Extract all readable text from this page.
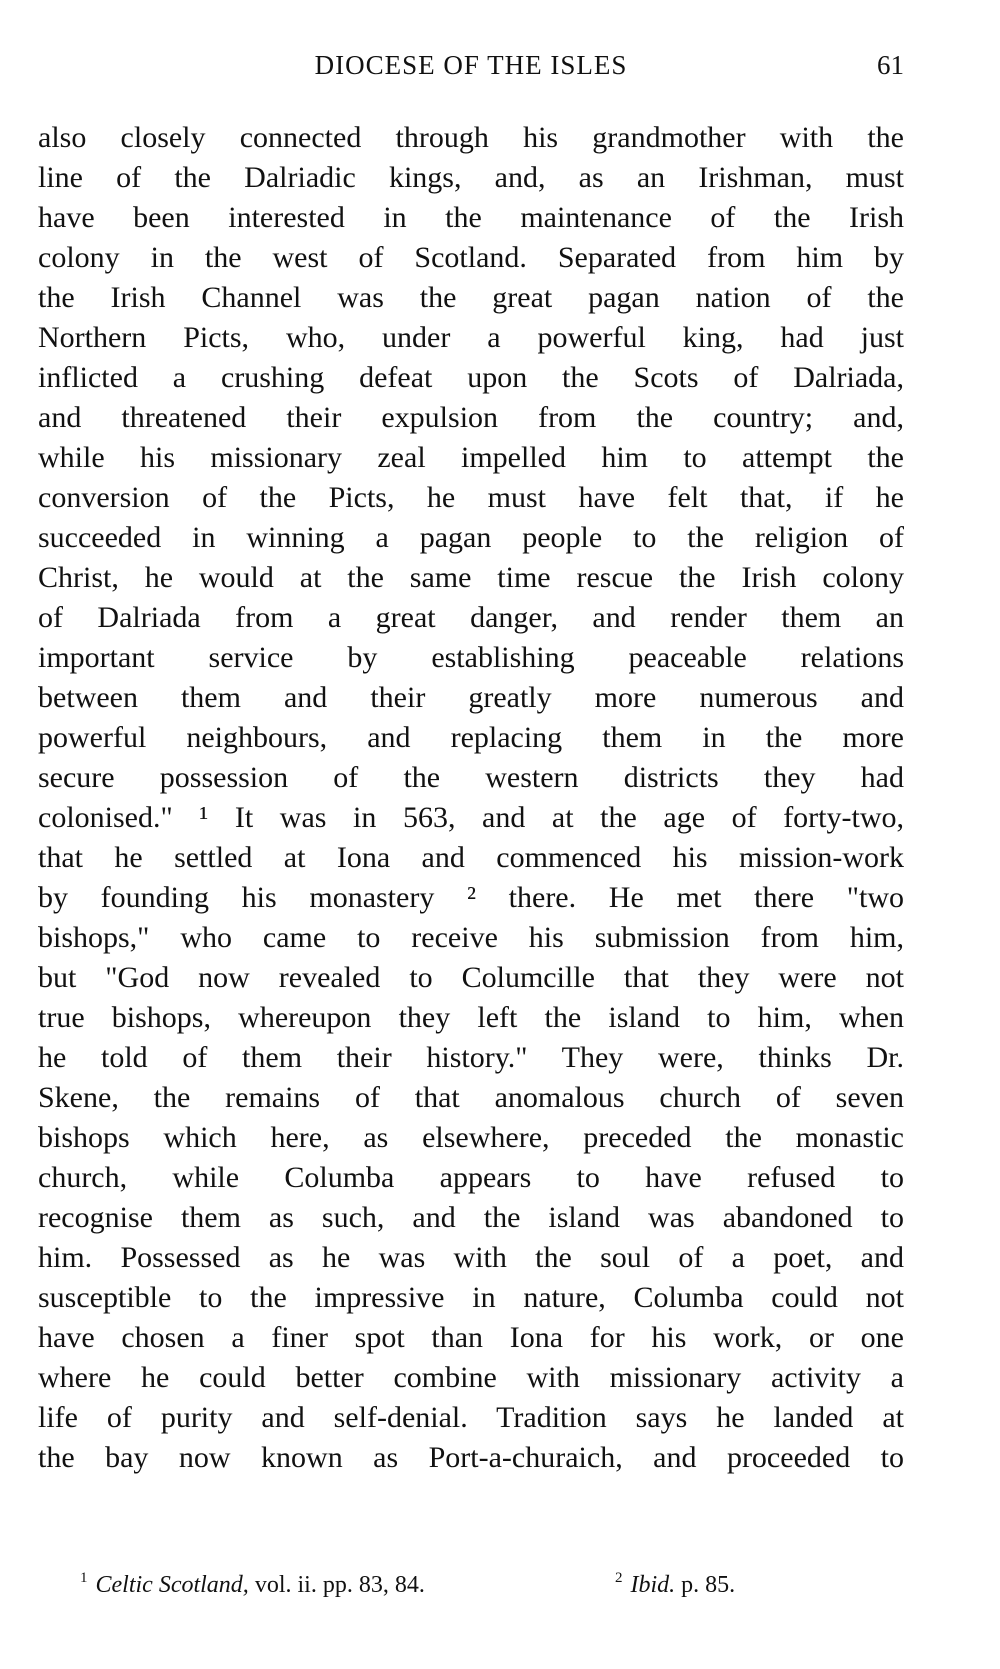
DIOCESE OF THE ISLES	61
also closely connected through his grandmother with the
line of the Dalriadic kings, and, as an Irishman, must
have been interested in the maintenance of the Irish
colony in the west of Scotland. Separated from him by
the Irish Channel was the great pagan nation of the
Northern Picts, who, under a powerful king, had just
inflicted a crushing defeat upon the Scots of Dalriada,
and threatened their expulsion from the country; and,
while his missionary zeal impelled him to attempt the
conversion of the Picts, he must have felt that, if he
succeeded in winning a pagan people to the religion of
Christ, he would at the same time rescue the Irish colony
of Dalriada from a great danger, and render them an
important service by establishing peaceable relations
between them and their greatly more numerous and
powerful neighbours, and replacing them in the more
secure possession of the western districts they had
colonised." ¹ It was in 563, and at the age of forty-two,
that he settled at Iona and commenced his mission-work
by founding his monastery ² there. He met there "two
bishops," who came to receive his submission from him,
but "God now revealed to Columcille that they were not
true bishops, whereupon they left the island to him, when
he told of them their history." They were, thinks Dr.
Skene, the remains of that anomalous church of seven
bishops which here, as elsewhere, preceded the monastic
church, while Columba appears to have refused to
recognise them as such, and the island was abandoned to
him. Possessed as he was with the soul of a poet, and
susceptible to the impressive in nature, Columba could not
have chosen a finer spot than Iona for his work, or one
where he could better combine with missionary activity a
life of purity and self-denial. Tradition says he landed at
the bay now known as Port-a-churaich, and proceeded to
$^1$ Celtic Scotland, vol. ii. pp. 83, 84.	$^2$ Ibid. p. 85.
